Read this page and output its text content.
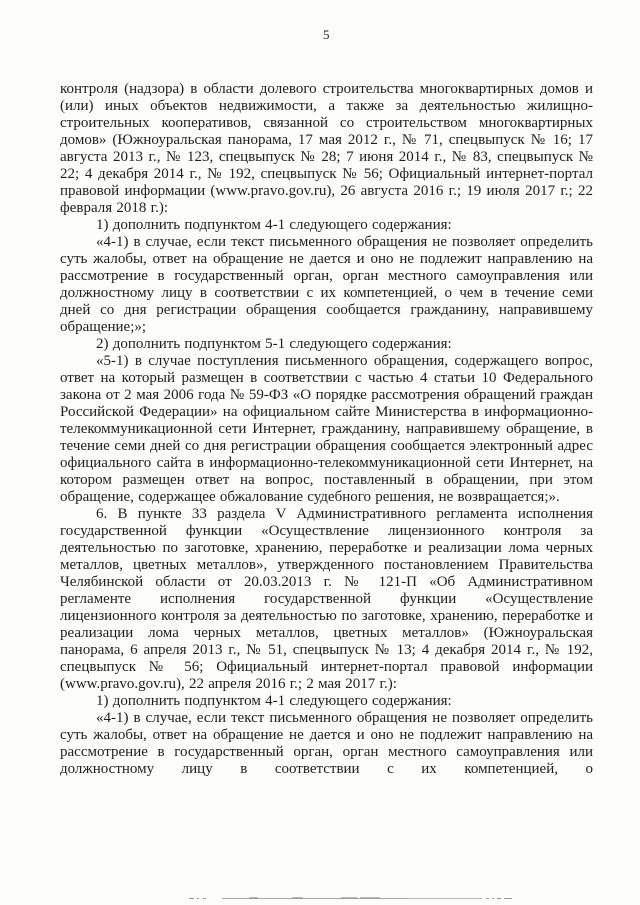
5

контроля (надзора) в области долевого строительства многоквартирных домов и (или) иных объектов недвижимости, а также за деятельностью жилищно-строительных кооперативов, связанной со строительством многоквартирных домов» (Южноуральская панорама, 17 мая 2012 г., № 71, спецвыпуск № 16; 17 августа 2013 г., № 123, спецвыпуск № 28; 7 июня 2014 г., № 83, спецвыпуск № 22; 4 декабря 2014 г., № 192, спецвыпуск № 56; Официальный интернет-портал правовой информации (www.pravo.gov.ru), 26 августа 2016 г.; 19 июля 2017 г.; 22 февраля 2018 г.):

1) дополнить подпунктом 4-1 следующего содержания:

«4-1) в случае, если текст письменного обращения не позволяет определить суть жалобы, ответ на обращение не дается и оно не подлежит направлению на рассмотрение в государственный орган, орган местного самоуправления или должностному лицу в соответствии с их компетенцией, о чем в течение семи дней со дня регистрации обращения сообщается гражданину, направившему обращение;»;

2) дополнить подпунктом 5-1 следующего содержания:

«5-1) в случае поступления письменного обращения, содержащего вопрос, ответ на который размещен в соответствии с частью 4 статьи 10 Федерального закона от 2 мая 2006 года № 59-ФЗ «О порядке рассмотрения обращений граждан Российской Федерации» на официальном сайте Министерства в информационно-телекоммуникационной сети Интернет, гражданину, направившему обращение, в течение семи дней со дня регистрации обращения сообщается электронный адрес официального сайта в информационно-телекоммуникационной сети Интернет, на котором размещен ответ на вопрос, поставленный в обращении, при этом обращение, содержащее обжалование судебного решения, не возвращается;».

6. В пункте 33 раздела V Административного регламента исполнения государственной функции «Осуществление лицензионного контроля за деятельностью по заготовке, хранению, переработке и реализации лома черных металлов, цветных металлов», утвержденного постановлением Правительства Челябинской области от 20.03.2013 г. № 121-П «Об Административном регламенте исполнения государственной функции «Осуществление лицензионного контроля за деятельностью по заготовке, хранению, переработке и реализации лома черных металлов, цветных металлов» (Южноуральская панорама, 6 апреля 2013 г., № 51, спецвыпуск № 13; 4 декабря 2014 г., № 192, спецвыпуск № 56; Официальный интернет-портал правовой информации (www.pravo.gov.ru), 22 апреля 2016 г.; 2 мая 2017 г.):

1) дополнить подпунктом 4-1 следующего содержания:

«4-1) в случае, если текст письменного обращения не позволяет определить суть жалобы, ответ на обращение не дается и оно не подлежит направлению на рассмотрение в государственный орган, орган местного самоуправления или должностному лицу в соответствии с их компетенцией, о
